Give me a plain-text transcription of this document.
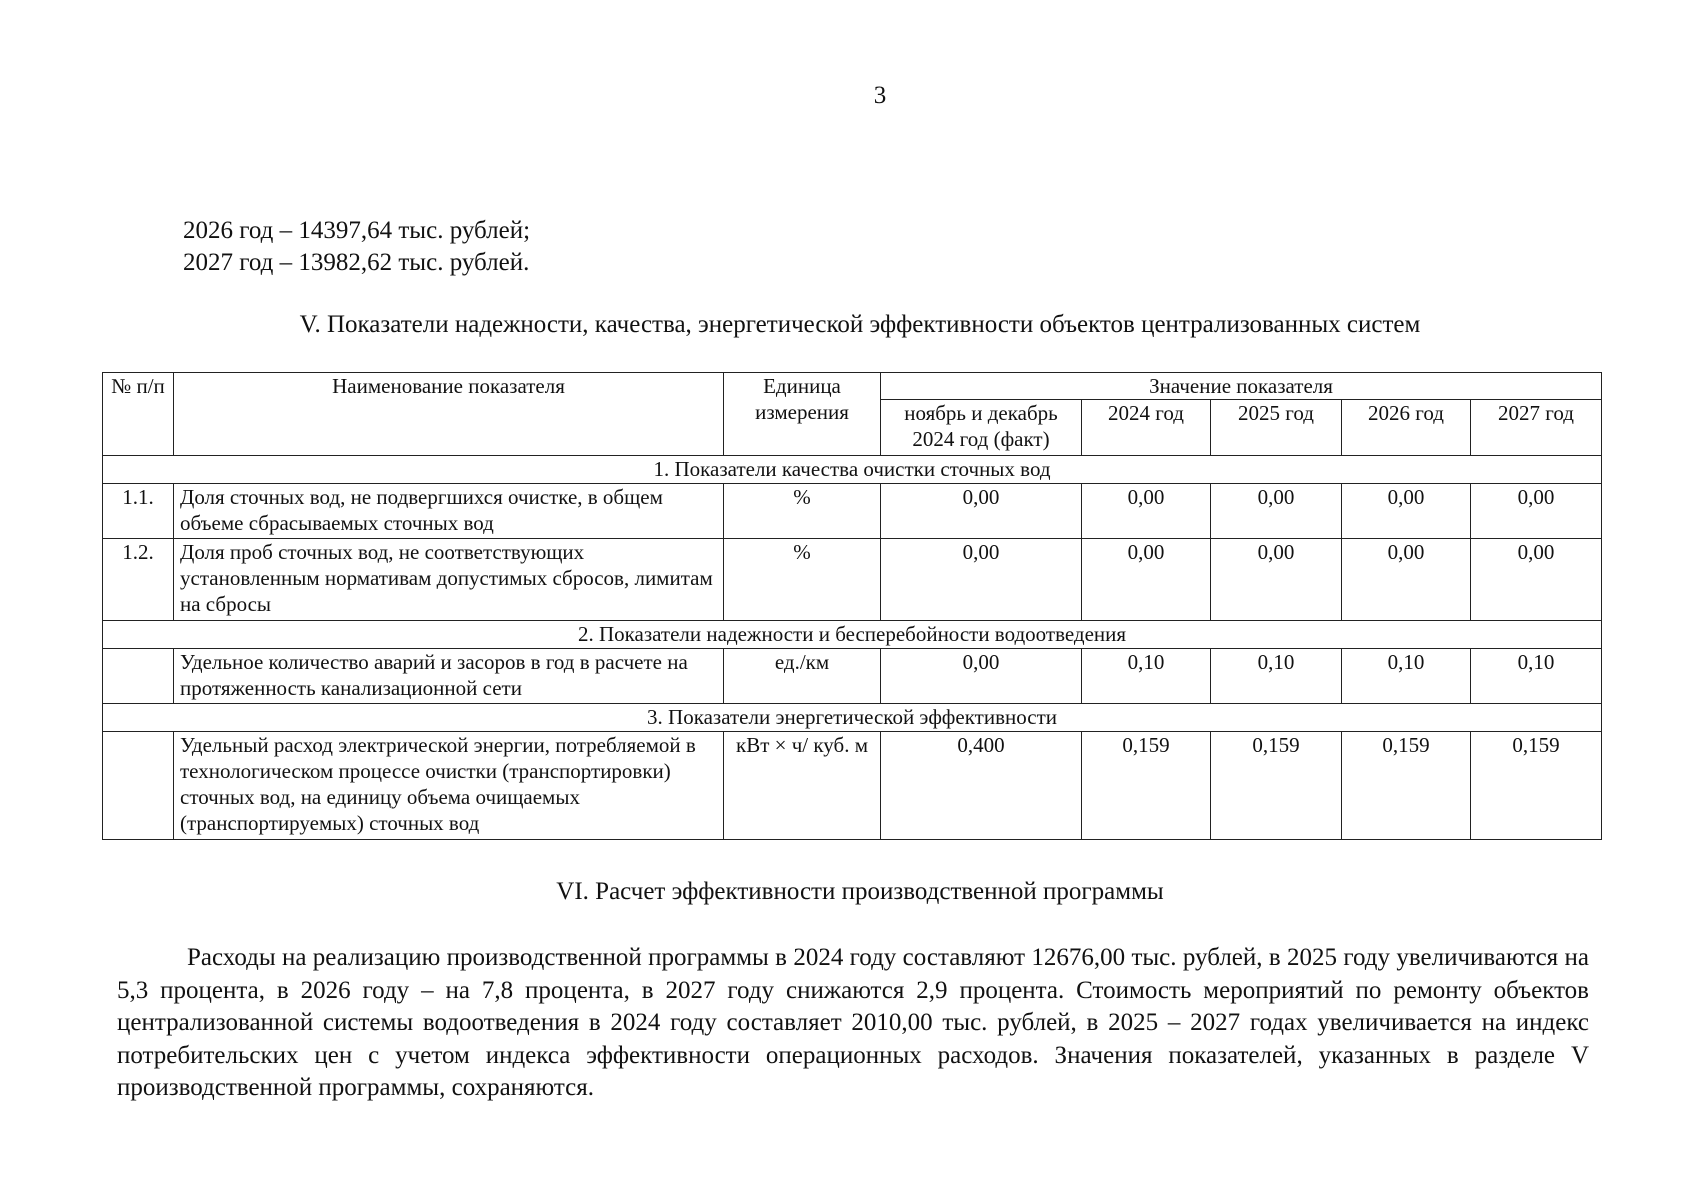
3
2026 год – 14397,64 тыс. рублей;
2027 год – 13982,62 тыс. рублей.
V. Показатели надежности, качества, энергетической эффективности объектов централизованных систем
№ п/п	Наименование показателя	Единица измерения	Значение показателя				
			ноябрь и декабрь 2024 год (факт)	2024 год	2025 год	2026 год	2027 год
1. Показатели качества очистки сточных вод							
1.1.	Доля сточных вод, не подвергшихся очистке, в общем объеме сбрасываемых сточных вод	%	0,00	0,00	0,00	0,00	0,00
1.2.	Доля проб сточных вод, не соответствующих установленным нормативам допустимых сбросов, лимитам на сбросы	%	0,00	0,00	0,00	0,00	0,00
2. Показатели надежности и бесперебойности водоотведения							
	Удельное количество аварий и засоров в год в расчете на протяженность канализационной сети	ед./км	0,00	0,10	0,10	0,10	0,10
3. Показатели энергетической эффективности							
	Удельный расход электрической энергии, потребляемой в технологическом процессе очистки (транспортировки) сточных вод, на единицу объема очищаемых (транспортируемых) сточных вод	кВт × ч/ куб. м	0,400	0,159	0,159	0,159	0,159
VI. Расчет эффективности производственной программы
Расходы на реализацию производственной программы в 2024 году составляют 12676,00 тыс. рублей, в 2025 году увеличиваются на 5,3 процента, в 2026 году – на 7,8 процента, в 2027 году снижаются 2,9 процента. Стоимость мероприятий по ремонту объектов централизованной системы водоотведения в 2024 году составляет 2010,00 тыс. рублей, в 2025 – 2027 годах увеличивается на индекс потребительских цен с учетом индекса эффективности операционных расходов. Значения показателей, указанных в разделе V производственной программы, сохраняются.
